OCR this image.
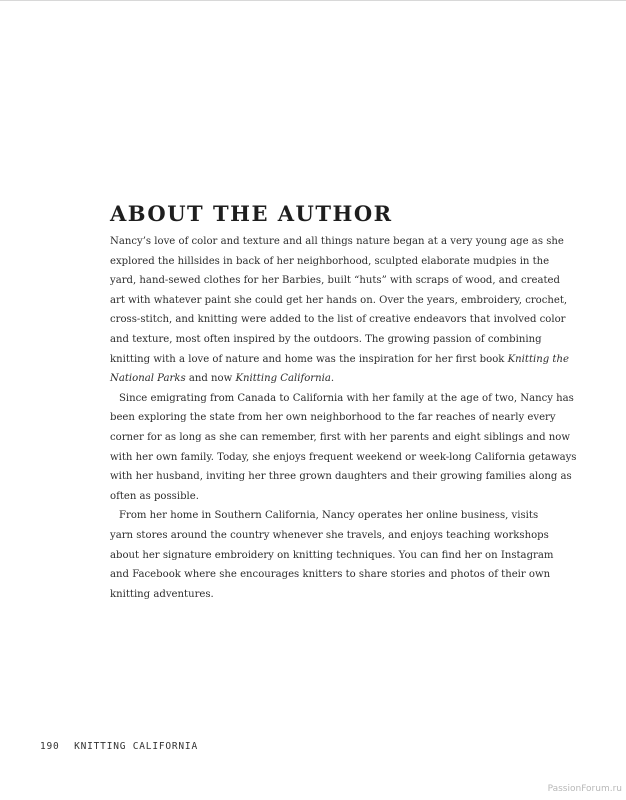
ABOUT THE AUTHOR

Nancy’s love of color and texture and all things nature began at a very young age as she
explored the hillsides in back of her neighborhood, sculpted elaborate mudpies in the
yard, hand-sewed clothes for her Barbies, built “huts” with scraps of wood, and created
art with whatever paint she could get her hands on. Over the years, embroidery, crochet,
cross-stitch, and knitting were added to the list of creative endeavors that involved color
and texture, most often inspired by the outdoors. The growing passion of combining
knitting with a love of nature and home was the inspiration for her first book Knitting the
National Parks and now Knitting California.

Since emigrating from Canada to California with her family at the age of two, Nancy has
been exploring the state from her own neighborhood to the far reaches of nearly every
corner for as long as she can remember, first with her parents and eight siblings and now
with her own family. Today, she enjoys frequent weekend or week-long California getaways
with her husband, inviting her three grown daughters and their growing families along as
often as possible.

From her home in Southern California, Nancy operates her online business, visits
yarn stores around the country whenever she travels, and enjoys teaching workshops
about her signature embroidery on knitting techniques. You can find her on Instagram
and Facebook where she encourages knitters to share stories and photos of their own
knitting adventures.

190 KNITTING CALIFORNIA
PassionForum.ru
